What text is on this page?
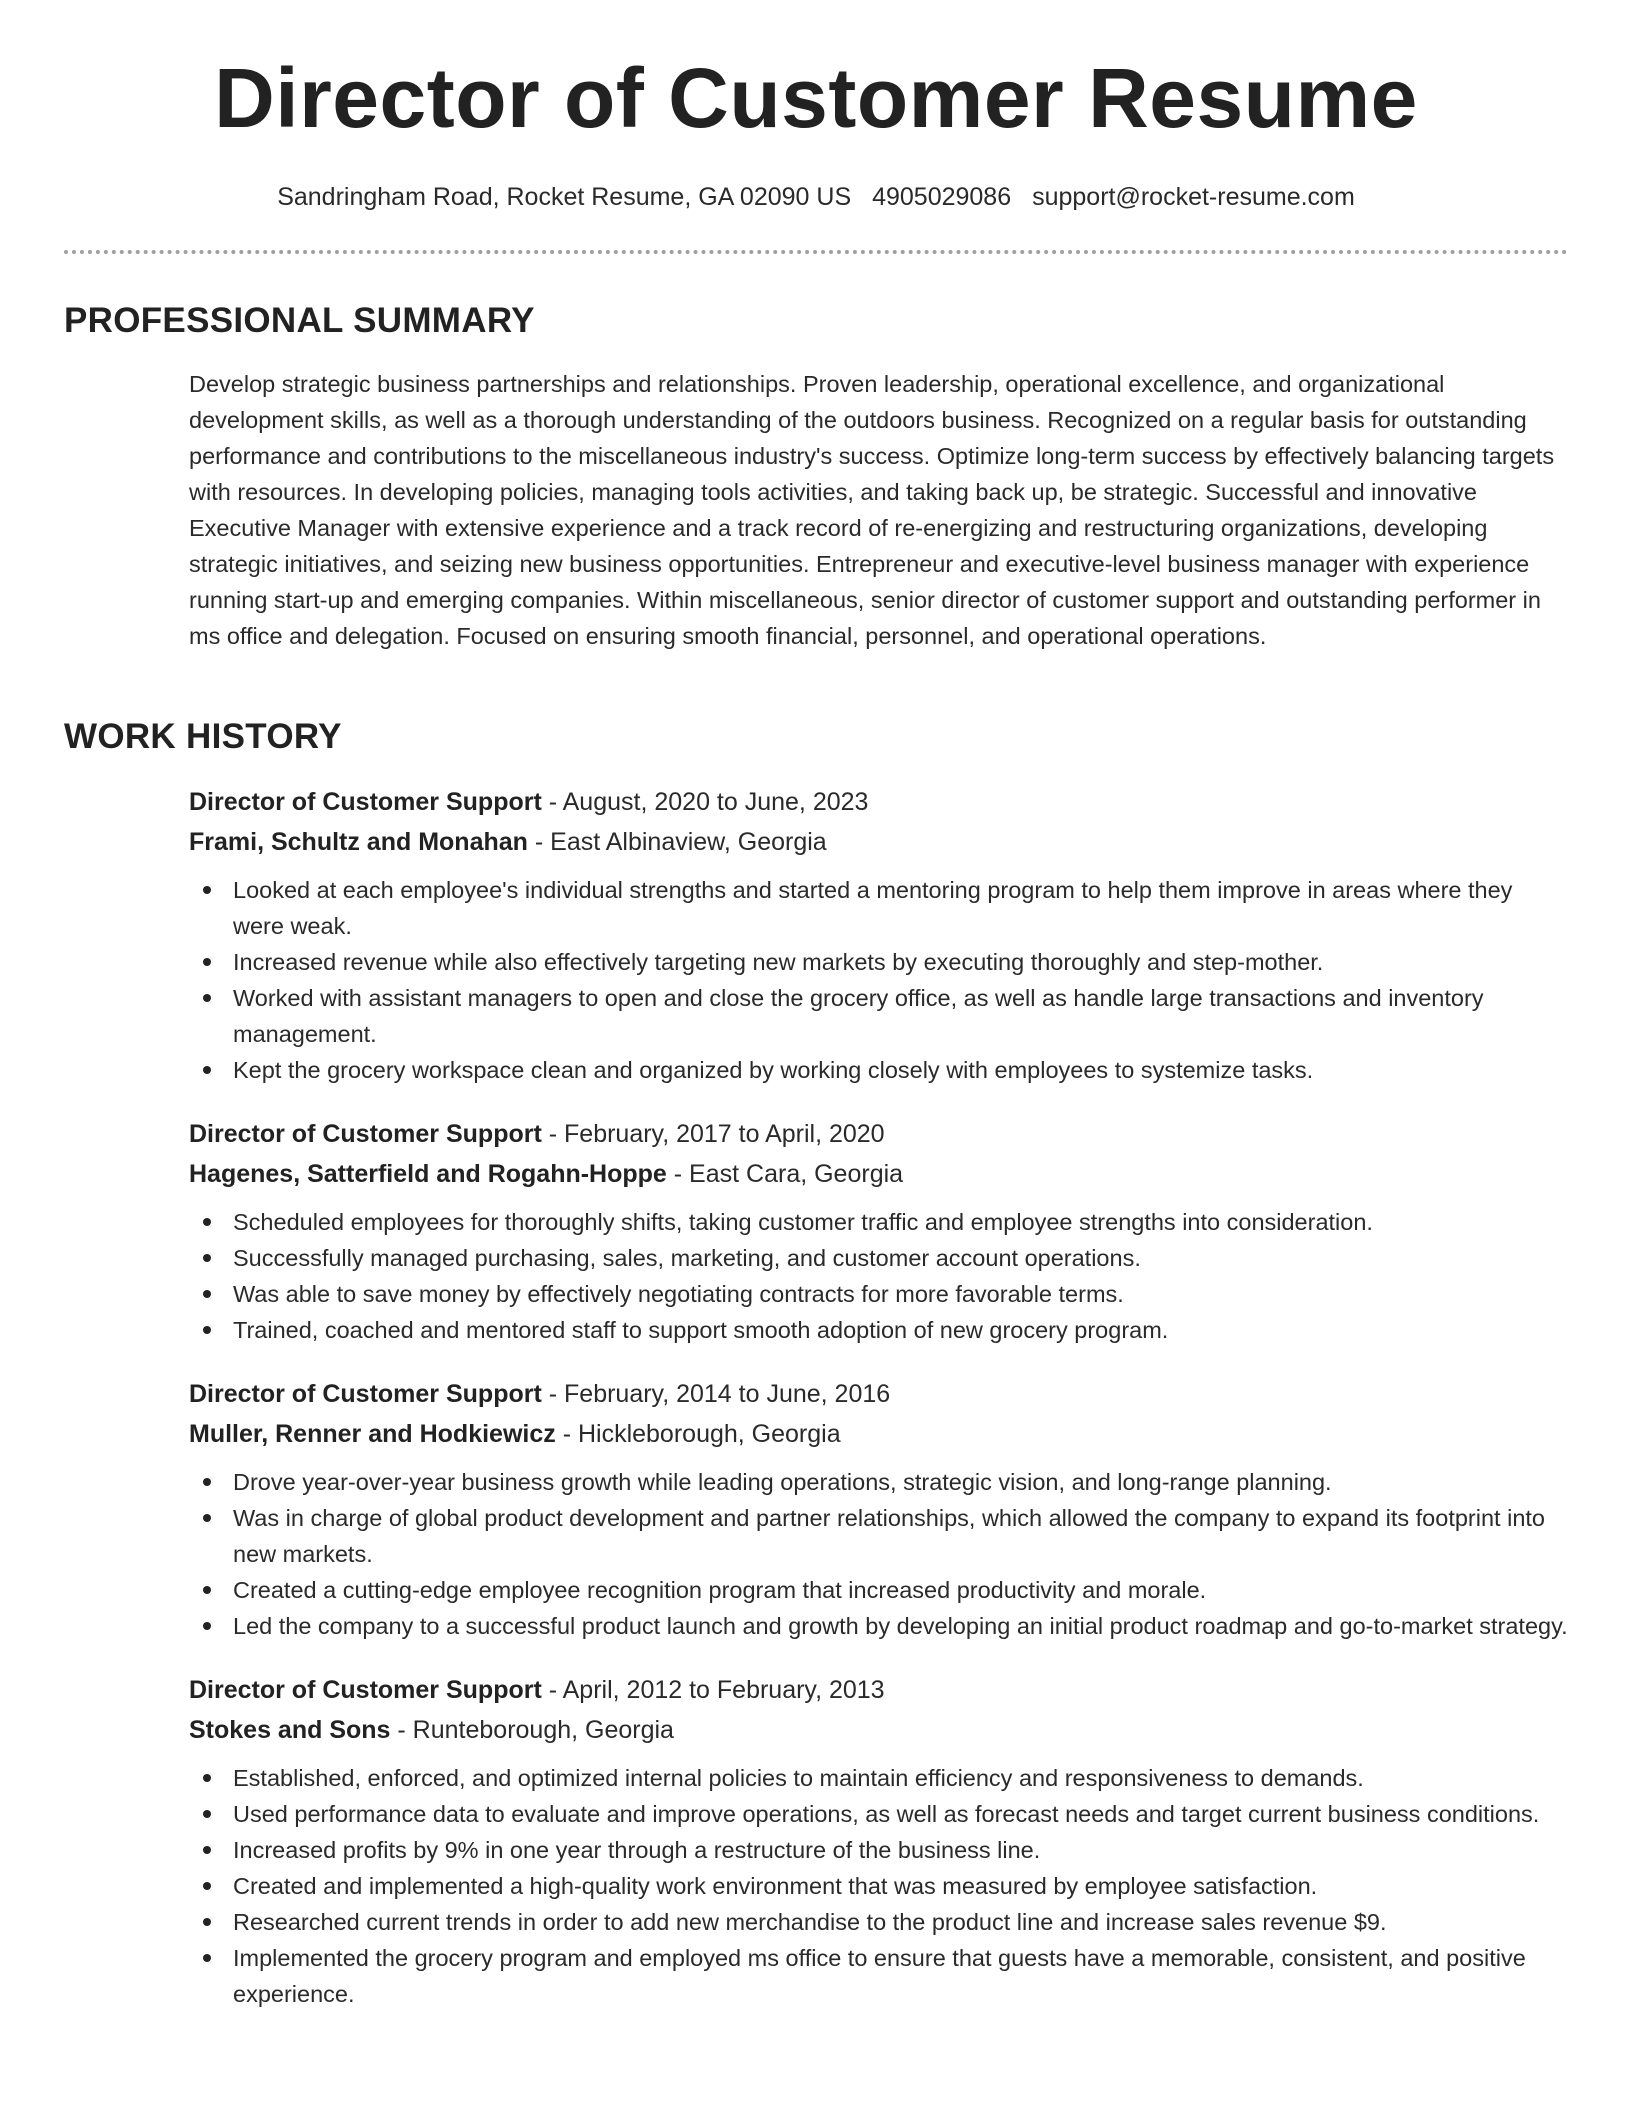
Director of Customer Resume
Sandringham Road, Rocket Resume, GA 02090 US 4905029086 support@rocket-resume.com
PROFESSIONAL SUMMARY

Develop strategic business partnerships and relationships. Proven leadership, operational excellence, and organizational development skills, as well as a thorough understanding of the outdoors business. Recognized on a regular basis for outstanding performance and contributions to the miscellaneous industry's success. Optimize long-term success by effectively balancing targets with resources. In developing policies, managing tools activities, and taking back up, be strategic. Successful and innovative Executive Manager with extensive experience and a track record of re-energizing and restructuring organizations, developing strategic initiatives, and seizing new business opportunities. Entrepreneur and executive-level business manager with experience running start-up and emerging companies. Within miscellaneous, senior director of customer support and outstanding performer in ms office and delegation. Focused on ensuring smooth financial, personnel, and operational operations.

WORK HISTORY
Director of Customer Support - August, 2020 to June, 2023
Frami, Schultz and Monahan - East Albinaview, Georgia
Looked at each employee's individual strengths and started a mentoring program to help them improve in areas where they were weak.
Increased revenue while also effectively targeting new markets by executing thoroughly and step-mother.
Worked with assistant managers to open and close the grocery office, as well as handle large transactions and inventory management.
Kept the grocery workspace clean and organized by working closely with employees to systemize tasks.
Director of Customer Support - February, 2017 to April, 2020
Hagenes, Satterfield and Rogahn-Hoppe - East Cara, Georgia
Scheduled employees for thoroughly shifts, taking customer traffic and employee strengths into consideration.
Successfully managed purchasing, sales, marketing, and customer account operations.
Was able to save money by effectively negotiating contracts for more favorable terms.
Trained, coached and mentored staff to support smooth adoption of new grocery program.
Director of Customer Support - February, 2014 to June, 2016
Muller, Renner and Hodkiewicz - Hickleborough, Georgia
Drove year-over-year business growth while leading operations, strategic vision, and long-range planning.
Was in charge of global product development and partner relationships, which allowed the company to expand its footprint into new markets.
Created a cutting-edge employee recognition program that increased productivity and morale.
Led the company to a successful product launch and growth by developing an initial product roadmap and go-to-market strategy.
Director of Customer Support - April, 2012 to February, 2013
Stokes and Sons - Runteborough, Georgia
Established, enforced, and optimized internal policies to maintain efficiency and responsiveness to demands.
Used performance data to evaluate and improve operations, as well as forecast needs and target current business conditions.
Increased profits by 9% in one year through a restructure of the business line.
Created and implemented a high-quality work environment that was measured by employee satisfaction.
Researched current trends in order to add new merchandise to the product line and increase sales revenue $9.
Implemented the grocery program and employed ms office to ensure that guests have a memorable, consistent, and positive experience.
